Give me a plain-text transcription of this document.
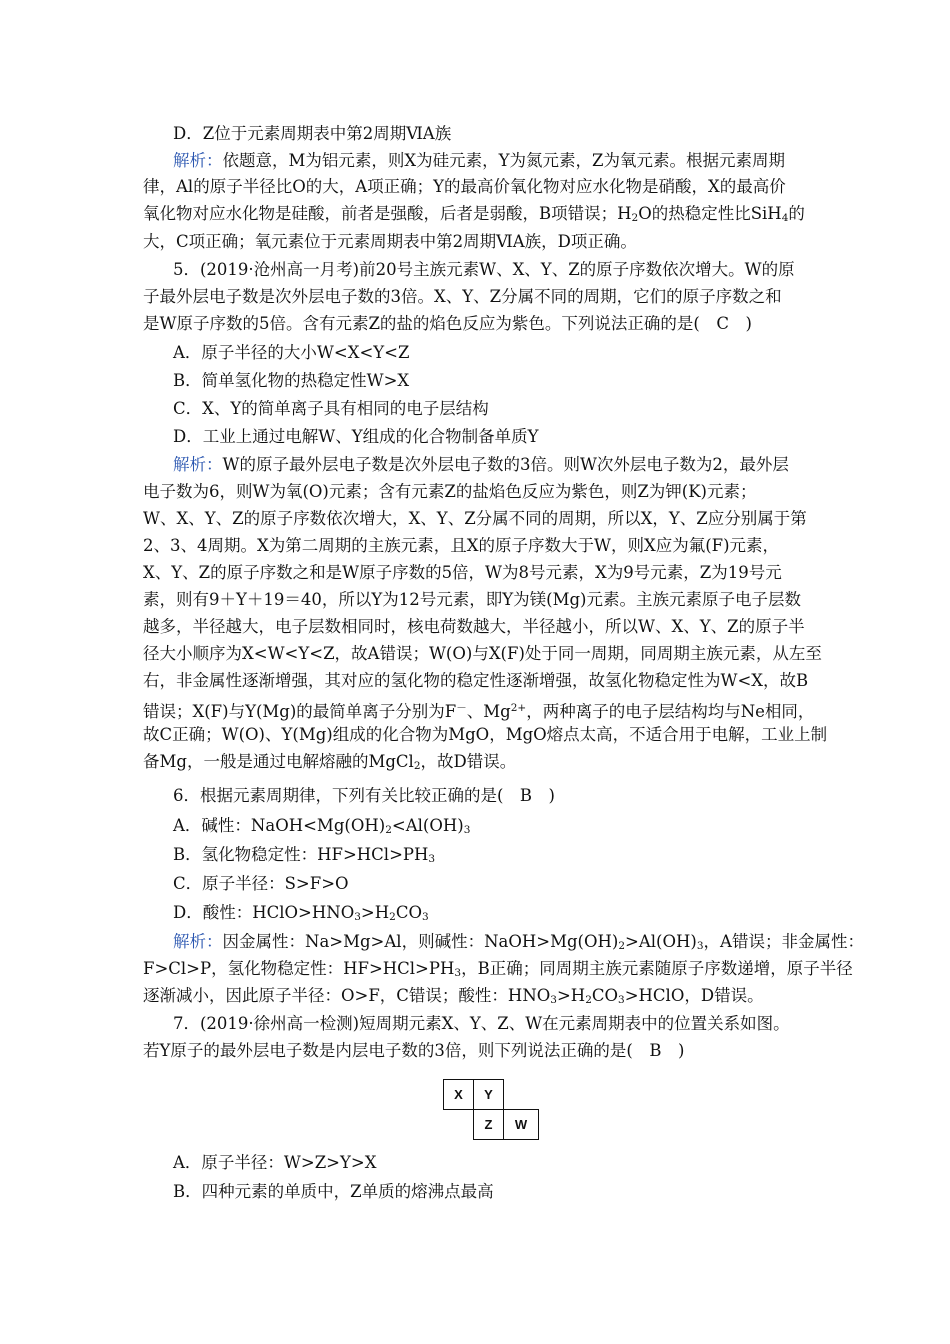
D．Z位于元素周期表中第2周期ⅥA族
解析：依题意，M为铝元素，则X为硅元素，Y为氮元素，Z为氧元素。根据元素周期
律，Al的原子半径比O的大，A项正确；Y的最高价氧化物对应水化物是硝酸，X的最高价
氧化物对应水化物是硅酸，前者是强酸，后者是弱酸，B项错误；H $_2$O的热稳定性比SiH$_4$的
大，C项正确；氧元素位于元素周期表中第2周期ⅥA族，D项正确。
5．(2019·沧州高一月考)前20号主族元素W、X、Y、Z的原子序数依次增大。W的原
子最外层电子数是次外层电子数的3倍。X、Y、Z分属不同的周期，它们的原子序数之和
是W原子序数的5倍。含有元素Z的盐的焰色反应为紫色。下列说法正确的是(　C　)
A．原子半径的大小W<X<Y<Z
B．简单氢化物的热稳定性W>X
C．X、Y的简单离子具有相同的电子层结构
D．工业上通过电解W、Y组成的化合物制备单质Y
解析：W的原子最外层电子数是次外层电子数的3倍。则W次外层电子数为2，最外层
电子数为6，则W为氧(O)元素；含有元素Z的盐焰色反应为紫色，则Z为钾(K)元素；
W、X、Y、Z的原子序数依次增大，X、Y、Z分属不同的周期，所以X，Y、Z应分别属于第
2、3、4周期。X为第二周期的主族元素，且X的原子序数大于W，则X应为氟(F)元素，
X、Y、Z的原子序数之和是W原子序数的5倍，W为8号元素，X为9号元素，Z为19号元
素，则有9＋Y＋19＝40，所以Y为12号元素，即Y为镁(Mg)元素。主族元素原子电子层数
越多，半径越大，电子层数相同时，核电荷数越大，半径越小，所以W、X、Y、Z的原子半
径大小顺序为X<W<Y<Z，故A错误；W(O)与X(F)处于同一周期，同周期主族元素，从左至
右，非金属性逐渐增强，其对应的氢化物的稳定性逐渐增强，故氢化物稳定性为W<X，故B
错误；X(F)与Y(Mg)的最简单离子分别为F－、$Mg^{2+}$，两种离子的电子层结构均与Ne相同，
故C正确；W(O)、Y(Mg)组成的化合物为MgO，MgO熔点太高，不适合用于电解，工业上制
备Mg，一般是通过电解熔融的MgCl$_2$，故D错误。
6．根据元素周期律，下列有关比较正确的是(　B　)
A．碱性：$NaOH<Mg(OH)_2<Al(OH)_3$
B．氢化物稳定性：$HF>HCl>PH_3$
C．原子半径：S>F>O
D．酸性：$HClO>HNO_3>H_2CO_3$
解析：因金属性：Na>Mg>Al，则碱性：$NaOH>Mg(OH)_2>Al(OH)_3$，A错误；非金属性：
F>Cl>P，氢化物稳定性：$HF>HCl>PH_3$，B正确；同周期主族元素随原子序数递增，原子半径
逐渐减小，因此原子半径：O>F，C错误；酸性：$HNO_3>H_2CO_3>HClO$，D错误。
7．(2019·徐州高一检测)短周期元素X、Y、Z、W在元素周期表中的位置关系如图。
若Y原子的最外层电子数是内层电子数的3倍，则下列说法正确的是(　B　)
X	Y
Z	W
A．原子半径：W>Z>Y>X
B．四种元素的单质中，Z单质的熔沸点最高
